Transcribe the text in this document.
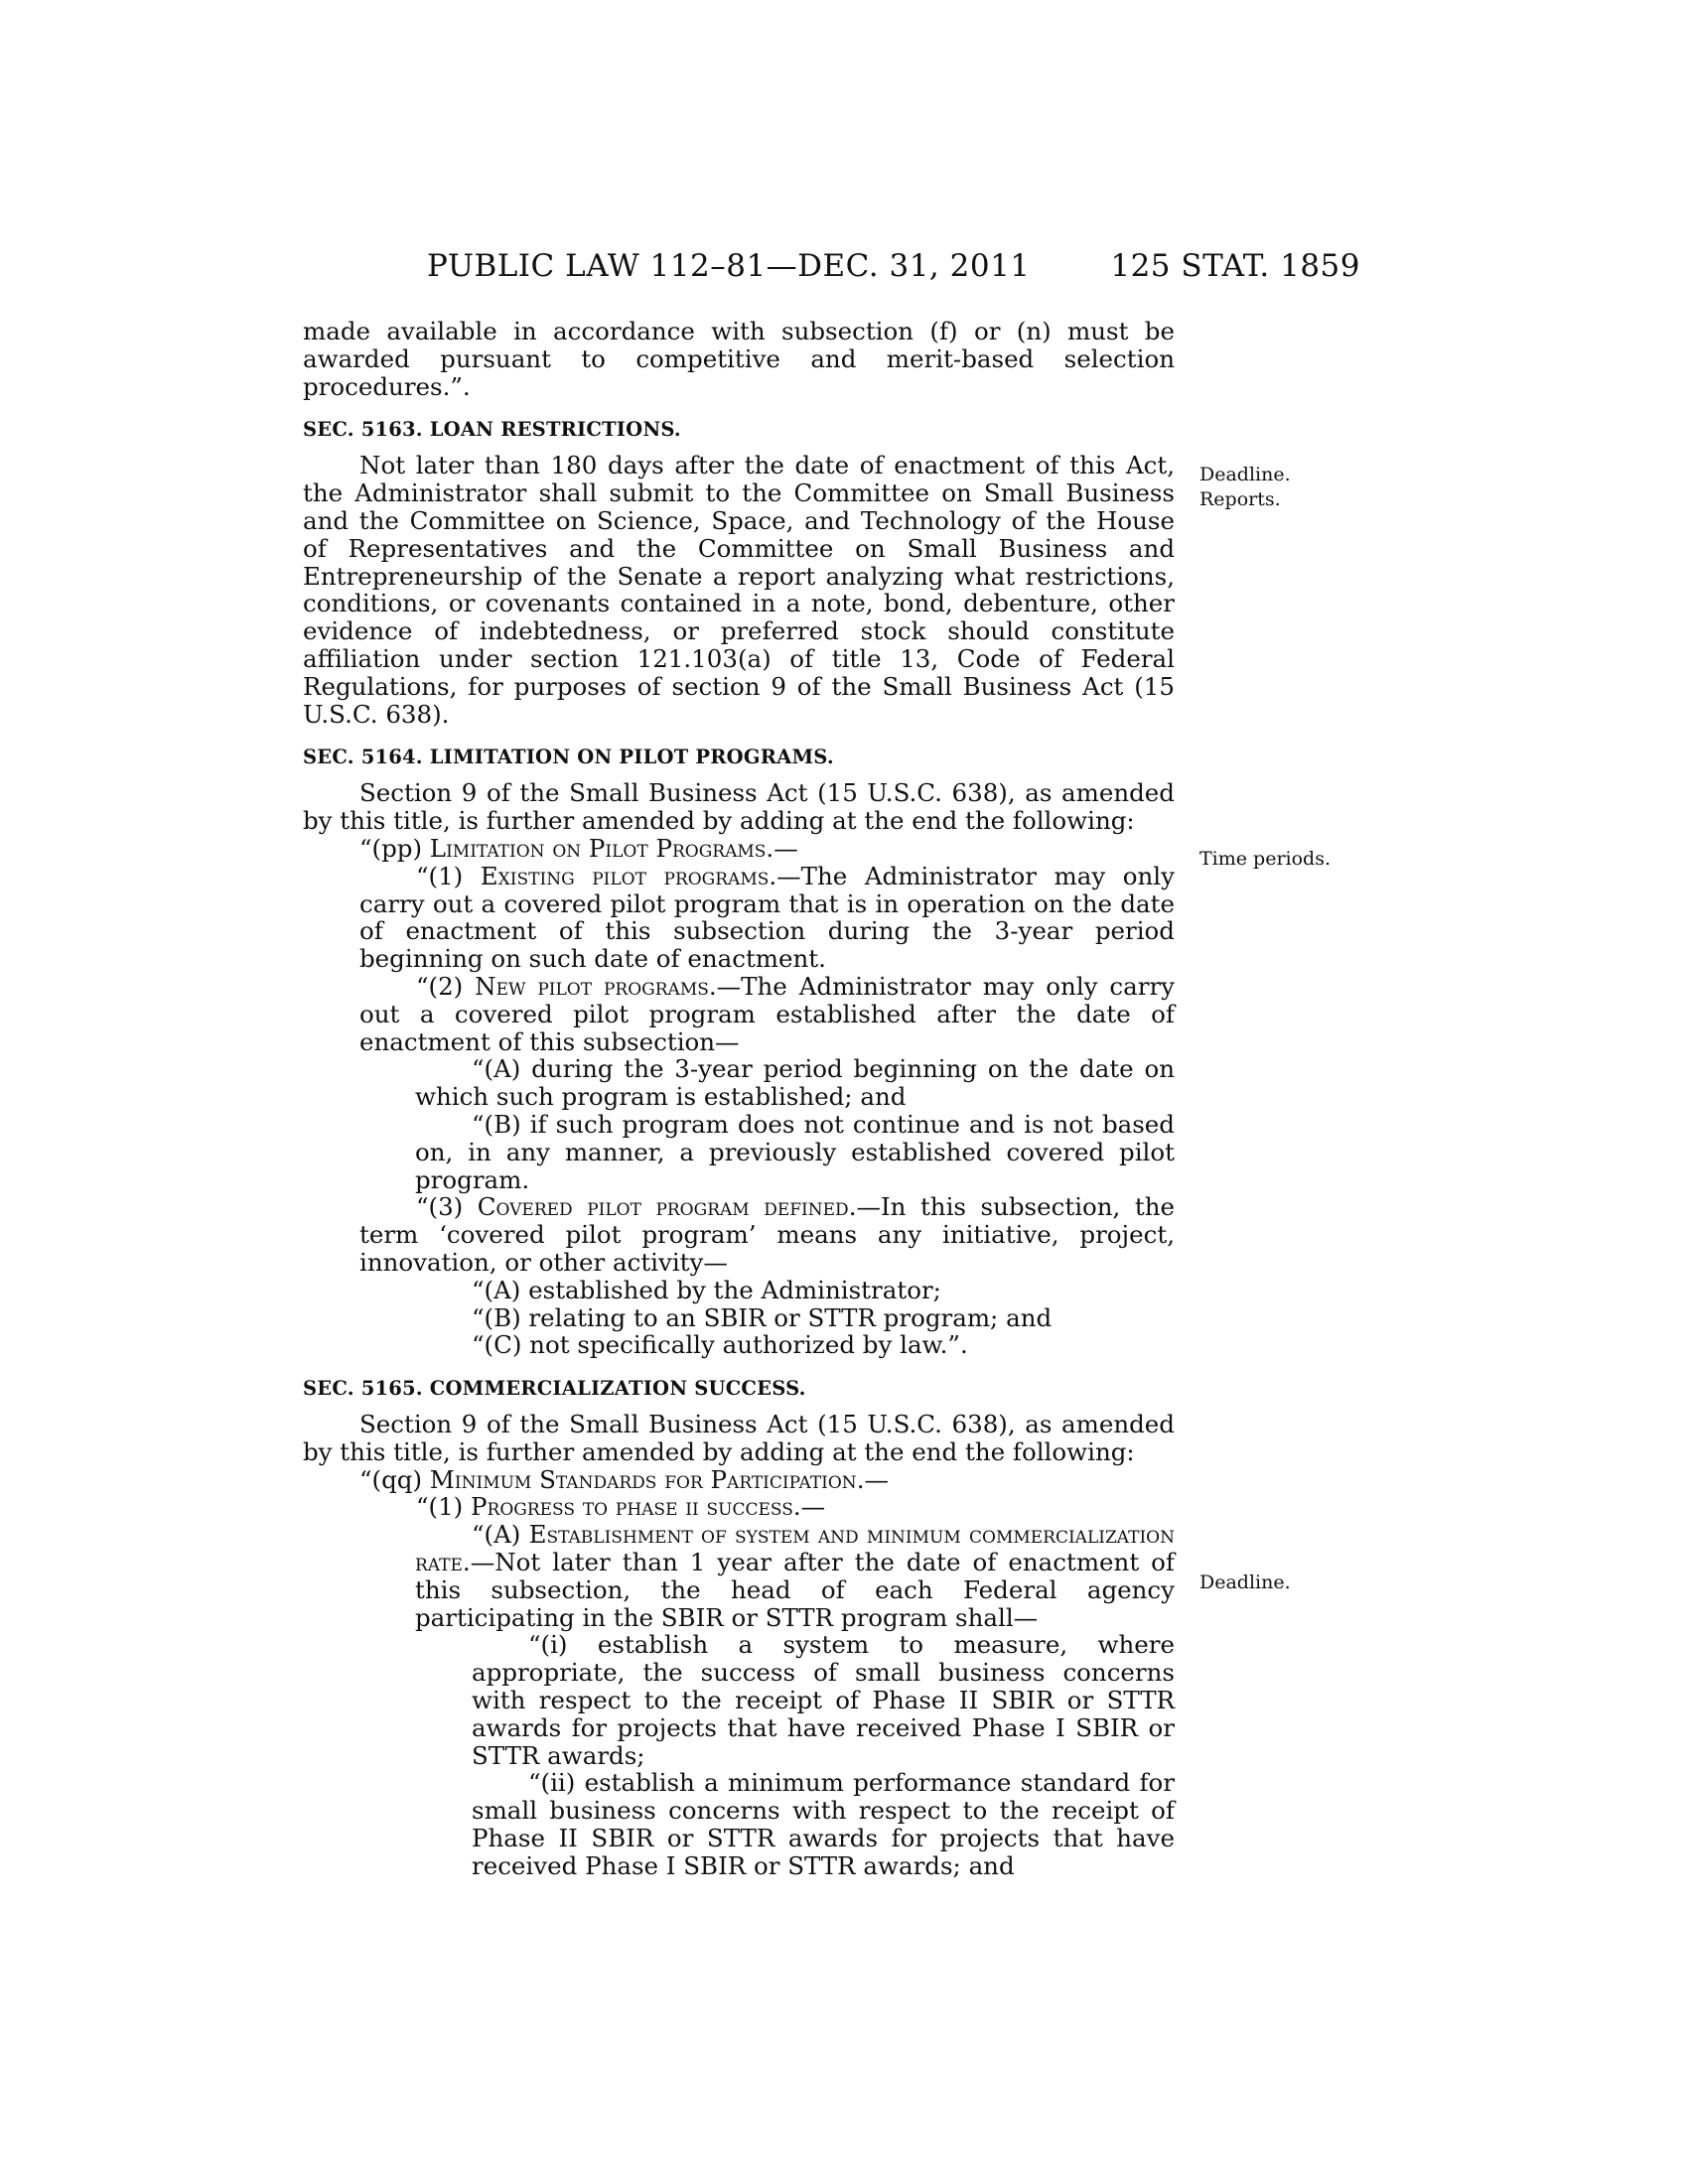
PUBLIC LAW 112–81—DEC. 31, 2011	125 STAT. 1859

made available in accordance with subsection (f) or (n) must be awarded pursuant to competitive and merit-based selection procedures.”.

SEC. 5163. LOAN RESTRICTIONS.

Not later than 180 days after the date of enactment of this Act, the Administrator shall submit to the Committee on Small Business and the Committee on Science, Space, and Technology of the House of Representatives and the Committee on Small Business and Entrepreneurship of the Senate a report analyzing what restrictions, conditions, or covenants contained in a note, bond, debenture, other evidence of indebtedness, or preferred stock should constitute affiliation under section 121.103(a) of title 13, Code of Federal Regulations, for purposes of section 9 of the Small Business Act (15 U.S.C. 638).

SEC. 5164. LIMITATION ON PILOT PROGRAMS.

Section 9 of the Small Business Act (15 U.S.C. 638), as amended by this title, is further amended by adding at the end the following:

“(pp) Limitation on Pilot Programs.—

“(1) Existing pilot programs.—The Administrator may only carry out a covered pilot program that is in operation on the date of enactment of this subsection during the 3-year period beginning on such date of enactment.

“(2) New pilot programs.—The Administrator may only carry out a covered pilot program established after the date of enactment of this subsection—

“(A) during the 3-year period beginning on the date on which such program is established; and

“(B) if such program does not continue and is not based on, in any manner, a previously established covered pilot program.

“(3) Covered pilot program defined.—In this subsection, the term ‘covered pilot program’ means any initiative, project, innovation, or other activity—

“(A) established by the Administrator;

“(B) relating to an SBIR or STTR program; and

“(C) not specifically authorized by law.”.

SEC. 5165. COMMERCIALIZATION SUCCESS.

Section 9 of the Small Business Act (15 U.S.C. 638), as amended by this title, is further amended by adding at the end the following:

“(qq) Minimum Standards for Participation.—

“(1) Progress to phase ii success.—

“(A) Establishment of system and minimum commercialization rate.—Not later than 1 year after the date of enactment of this subsection, the head of each Federal agency participating in the SBIR or STTR program shall—

“(i) establish a system to measure, where appropriate, the success of small business concerns with respect to the receipt of Phase II SBIR or STTR awards for projects that have received Phase I SBIR or STTR awards;

“(ii) establish a minimum performance standard for small business concerns with respect to the receipt of Phase II SBIR or STTR awards for projects that have received Phase I SBIR or STTR awards; and

Deadline.
Reports.
Time periods.
Deadline.
